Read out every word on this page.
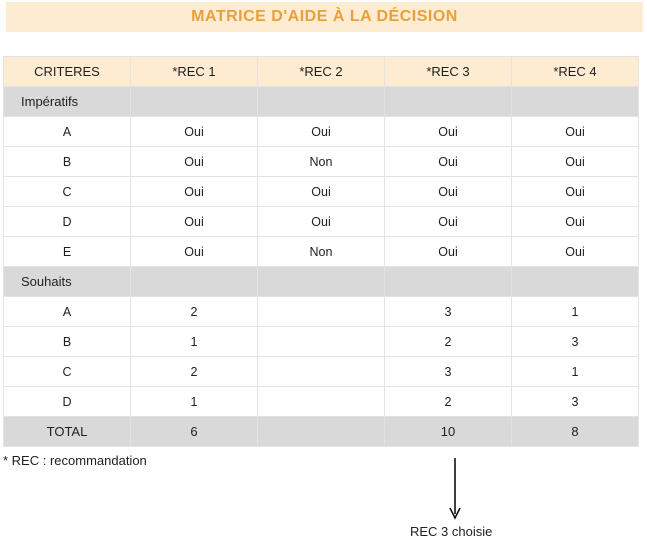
MATRICE D'AIDE À LA DÉCISION
CRITERES	*REC 1	*REC 2	*REC 3	*REC 4
Impératifs				
A	Oui	Oui	Oui	Oui
B	Oui	Non	Oui	Oui
C	Oui	Oui	Oui	Oui
D	Oui	Oui	Oui	Oui
E	Oui	Non	Oui	Oui
Souhaits				
A	2		3	1
B	1		2	3
C	2		3	1
D	1		2	3
TOTAL	6		10	8
* REC : recommandation
REC 3 choisie
